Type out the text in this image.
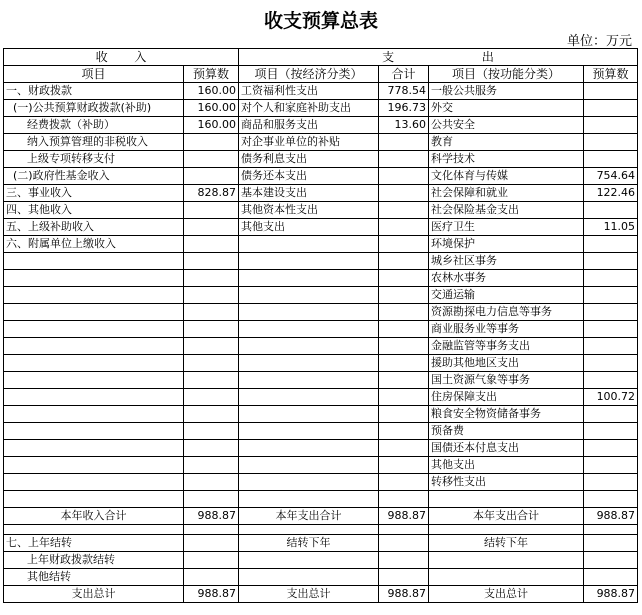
收支预算总表
单位：万元
收       入		支                       出			
项目	预算数	项目（按经济分类）	合计	项目（按功能分类）	预算数
一、财政拨款	160.00	工资福利性支出	778.54	一般公共服务	
(一)公共预算财政拨款(补助)	160.00	对个人和家庭补助支出	196.73	外交	
经费拨款（补助）	160.00	商品和服务支出	13.60	公共安全	
纳入预算管理的非税收入		对企事业单位的补贴		教育	
上级专项转移支付		债务利息支出		科学技术	
(二)政府性基金收入		债务还本支出		文化体育与传媒	754.64
三、事业收入	828.87	基本建设支出		社会保障和就业	122.46
四、其他收入		其他资本性支出		社会保险基金支出	
五、上级补助收入		其他支出		医疗卫生	11.05
六、附属单位上缴收入				环境保护	
				城乡社区事务	
				农林水事务	
				交通运输	
				资源勘探电力信息等事务	
				商业服务业等事务	
				金融监管等事务支出	
				援助其他地区支出	
				国土资源气象等事务	
				住房保障支出	100.72
				粮食安全物资储备事务	
				预备费	
				国债还本付息支出	
				其他支出	
				转移性支出	

本年收入合计	988.87	本年支出合计	988.87	本年支出合计	988.87

七、上年结转		结转下年		结转下年	
上年财政拨款结转					
其他结转					
支出总计	988.87	支出总计	988.87	支出总计	988.87
